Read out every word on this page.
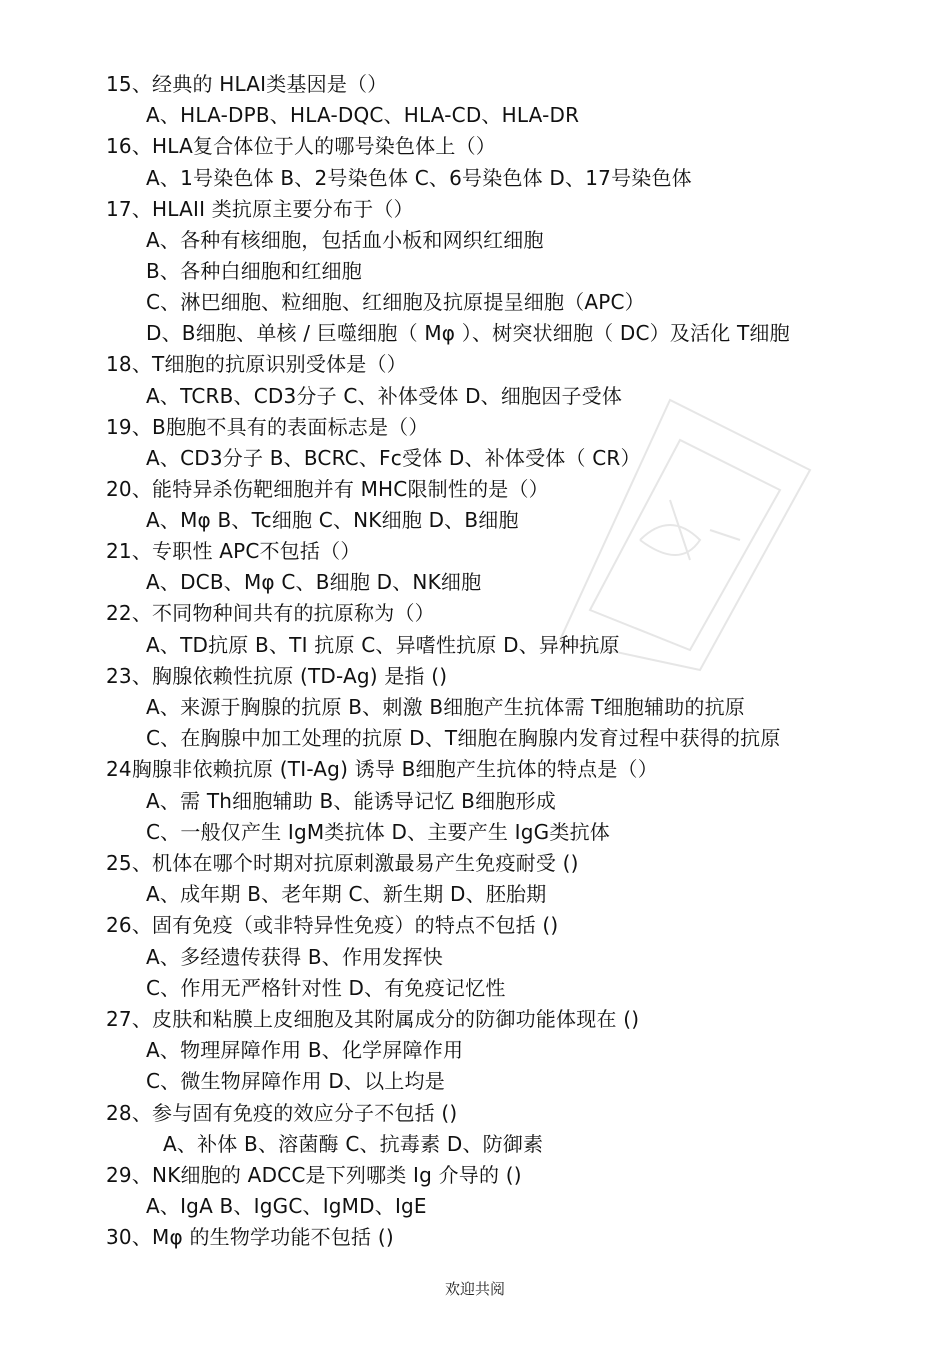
15、经典的 HLAI类基因是（）
A、HLA-DPB、HLA-DQC、HLA-CD、HLA-DR
16、HLA复合体位于人的哪号染色体上（）
A、1号染色体 B、2号染色体 C、6号染色体 D、17号染色体
17、HLAII 类抗原主要分布于（）
A、各种有核细胞，包括血小板和网织红细胞
B、各种白细胞和红细胞
C、淋巴细胞、粒细胞、红细胞及抗原提呈细胞（APC）
D、B细胞、单核 / 巨噬细胞（ Mφ ）、树突状细胞（ DC）及活化 T细胞
18、T细胞的抗原识别受体是（）
A、TCRB、CD3分子 C、补体受体 D、细胞因子受体
19、B胞胞不具有的表面标志是（）
A、CD3分子 B、BCRC、Fc受体 D、补体受体（ CR）
20、能特异杀伤靶细胞并有 MHC限制性的是（）
A、Mφ B、Tc细胞 C、NK细胞 D、B细胞
21、专职性 APC不包括（）
A、DCB、Mφ C、B细胞 D、NK细胞
22、不同物种间共有的抗原称为（）
A、TD抗原 B、TI 抗原 C、异嗜性抗原 D、异种抗原
23、胸腺依赖性抗原 (TD-Ag) 是指 ()
A、来源于胸腺的抗原 B、刺激 B细胞产生抗体需 T细胞辅助的抗原
C、在胸腺中加工处理的抗原 D、T细胞在胸腺内发育过程中获得的抗原
24胸腺非依赖抗原 (TI-Ag) 诱导 B细胞产生抗体的特点是（）
A、需 Th细胞辅助 B、能诱导记忆 B细胞形成
C、一般仅产生 IgM类抗体 D、主要产生 IgG类抗体
25、机体在哪个时期对抗原刺激最易产生免疫耐受 ()
A、成年期 B、老年期 C、新生期 D、胚胎期
26、固有免疫（或非特异性免疫）的特点不包括 ()
A、多经遗传获得 B、作用发挥快
C、作用无严格针对性 D、有免疫记忆性
27、皮肤和粘膜上皮细胞及其附属成分的防御功能体现在 ()
A、物理屏障作用 B、化学屏障作用
C、微生物屏障作用 D、以上均是
28、参与固有免疫的效应分子不包括 ()
A、补体 B、溶菌酶 C、抗毒素 D、防御素
29、NK细胞的 ADCC是下列哪类 Ig 介导的 ()
A、IgA B、IgGC、IgMD、IgE
30、Mφ 的生物学功能不包括 ()
欢迎共阅
